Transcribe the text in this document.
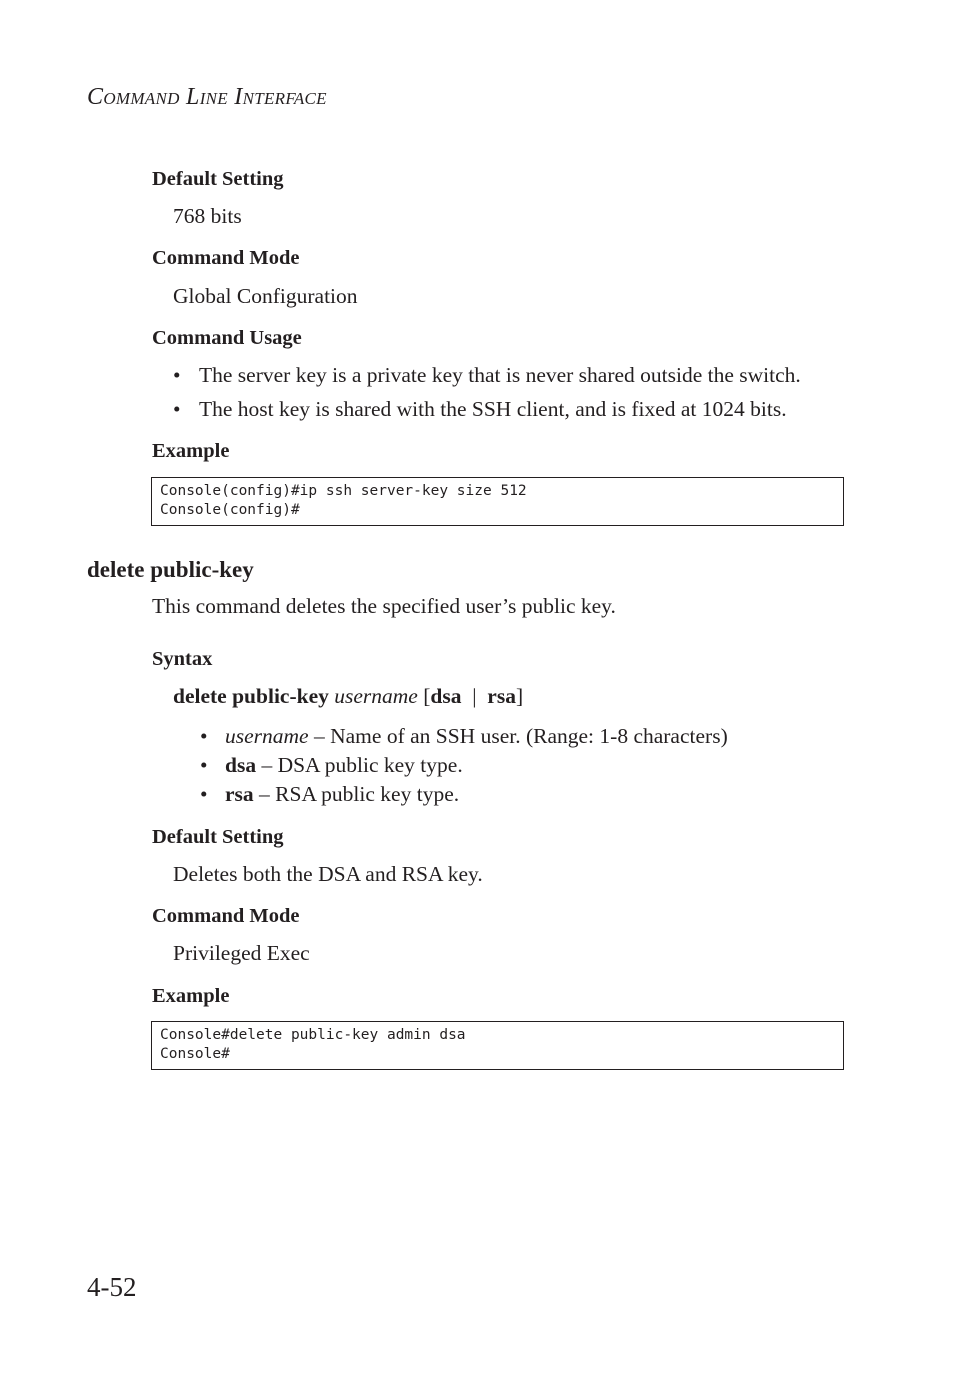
COMMAND LINE INTERFACE
Default Setting
768 bits
Command Mode
Global Configuration
Command Usage
• The server key is a private key that is never shared outside the switch.
• The host key is shared with the SSH client, and is fixed at 1024 bits.
Example
Console(config)#ip ssh server-key size 512
Console(config)#
delete public-key
This command deletes the specified user’s public key.
Syntax
delete public-key username [dsa | rsa]
• username – Name of an SSH user. (Range: 1-8 characters)
• dsa – DSA public key type.
• rsa – RSA public key type.
Default Setting
Deletes both the DSA and RSA key.
Command Mode
Privileged Exec
Example
Console#delete public-key admin dsa
Console#
4-52
